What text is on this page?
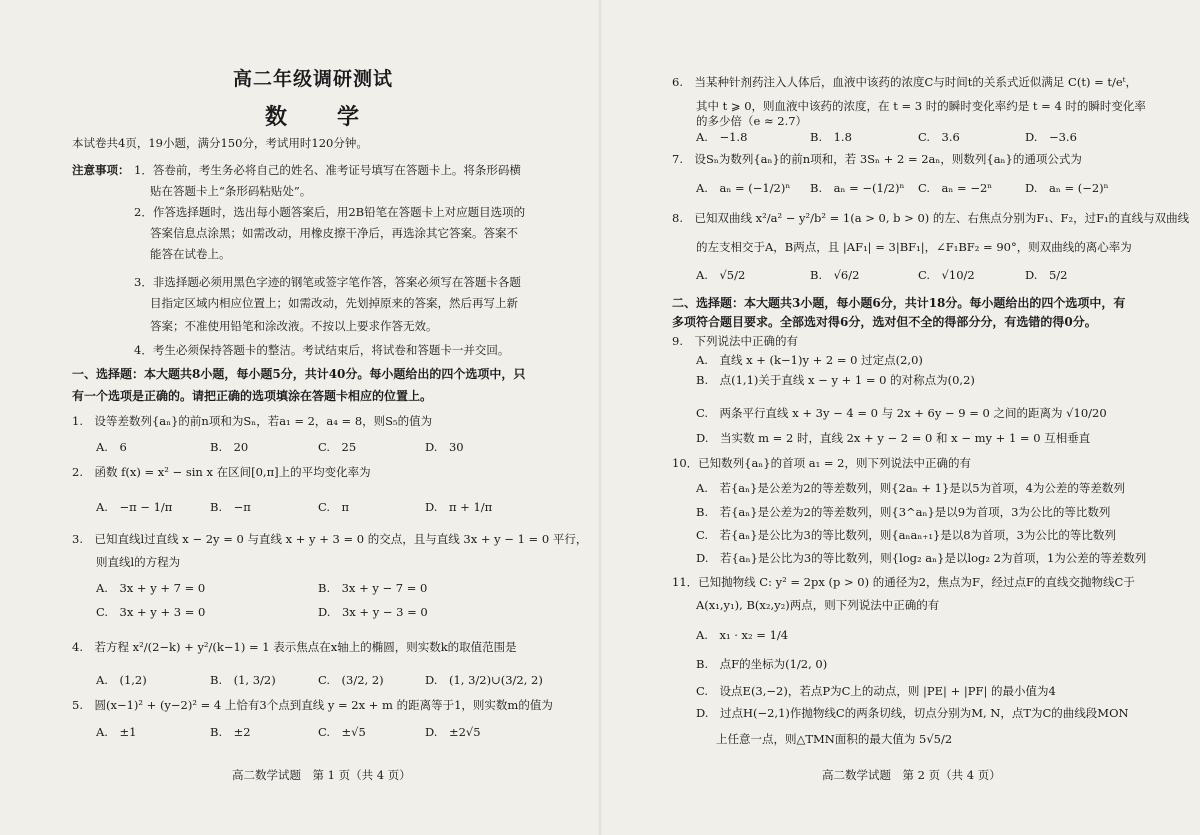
高二年级调研测试
数　学
本试卷共4页，19小题，满分150分，考试用时120分钟。
注意事项： 1．答卷前，考生务必将自己的姓名、准考证号填写在答题卡上。将条形码横
贴在答题卡上“条形码粘贴处”。
2．作答选择题时，选出每小题答案后，用2B铅笔在答题卡上对应题目选项的
答案信息点涂黑；如需改动，用橡皮擦干净后，再选涂其它答案。答案不
能答在试卷上。
3．非选择题必须用黑色字迹的钢笔或签字笔作答，答案必须写在答题卡各题
目指定区域内相应位置上；如需改动，先划掉原来的答案，然后再写上新
答案；不准使用铅笔和涂改液。不按以上要求作答无效。
4．考生必须保持答题卡的整洁。考试结束后，将试卷和答题卡一并交回。
一、选择题：本大题共8小题，每小题5分，共计40分。每小题给出的四个选项中，只
有一个选项是正确的。请把正确的选项填涂在答题卡相应的位置上。
1.　设等差数列{aₙ}的前n项和为Sₙ，若a₁ = 2，a₄ = 8，则S₅的值为
A.　6	B.　20	C.　25	D.　30
2.　函数 f(x) = x² − sin x 在区间[0,π]上的平均变化率为
A.　−π − 1/π	B.　−π	C.　π	D.　π + 1/π
3.　已知直线l过直线 x − 2y = 0 与直线 x + y + 3 = 0 的交点，且与直线 3x + y − 1 = 0 平行，
则直线l的方程为
A.　3x + y + 7 = 0	B.　3x + y − 7 = 0
C.　3x + y + 3 = 0	D.　3x + y − 3 = 0
4.　若方程 x²/(2−k) + y²/(k−1) = 1 表示焦点在x轴上的椭圆，则实数k的取值范围是
A.　(1,2)	B.　(1, 3/2)	C.　(3/2, 2)	D.　(1, 3/2)∪(3/2, 2)
5.　圆(x−1)² + (y−2)² = 4 上恰有3个点到直线 y = 2x + m 的距离等于1，则实数m的值为
A.　±1	B.　±2	C.　±√5	D.　±2√5
高二数学试题　第 1 页（共 4 页）
6.　当某种针剂药注入人体后，血液中该药的浓度C与时间t的关系式近似满足 C(t) = t/eᵗ，
其中 t ⩾ 0，则血液中该药的浓度，在 t = 3 时的瞬时变化率约是 t = 4 时的瞬时变化率
的多少倍（e ≈ 2.7）
A.　−1.8	B.　1.8	C.　3.6	D.　−3.6
7.　设Sₙ为数列{aₙ}的前n项和，若 3Sₙ + 2 = 2aₙ，则数列{aₙ}的通项公式为
A.　aₙ = (−1/2)ⁿ B.　aₙ = −(1/2)ⁿ C.　aₙ = −2ⁿ	D.　aₙ = (−2)ⁿ
8.　已知双曲线 x²/a² − y²/b² = 1(a > 0, b > 0) 的左、右焦点分别为F₁、F₂，过F₁的直线与双曲线
的左支相交于A，B两点，且 |AF₁| = 3|BF₁|，∠F₁BF₂ = 90°，则双曲线的离心率为
A.　√5/2	B.　√6/2	C.　√10/2	D.　5/2
二、选择题：本大题共3小题，每小题6分，共计18分。每小题给出的四个选项中，有
多项符合题目要求。全部选对得6分，选对但不全的得部分分，有选错的得0分。
9.　下列说法中正确的有
A.　直线 x + (k−1)y + 2 = 0 过定点(2,0)
B.　点(1,1)关于直线 x − y + 1 = 0 的对称点为(0,2)
C.　两条平行直线 x + 3y − 4 = 0 与 2x + 6y − 9 = 0 之间的距离为 √10/20
D.　当实数 m = 2 时，直线 2x + y − 2 = 0 和 x − my + 1 = 0 互相垂直
10．已知数列{aₙ}的首项 a₁ = 2，则下列说法中正确的有
A.　若{aₙ}是公差为2的等差数列，则{2aₙ + 1}是以5为首项，4为公差的等差数列
B.　若{aₙ}是公差为2的等差数列，则{3^aₙ}是以9为首项，3为公比的等比数列
C.　若{aₙ}是公比为3的等比数列，则{aₙaₙ₊₁}是以8为首项，3为公比的等比数列
D.　若{aₙ}是公比为3的等比数列，则{log₂ aₙ}是以log₂ 2为首项，1为公差的等差数列
11．已知抛物线 C: y² = 2px (p > 0) 的通径为2，焦点为F，经过点F的直线交抛物线C于
A(x₁,y₁), B(x₂,y₂)两点，则下列说法中正确的有
A.　x₁ · x₂ = 1/4
B.　点F的坐标为(1/2, 0)
C.　设点E(3,−2)，若点P为C上的动点，则 |PE| + |PF| 的最小值为4
D.　过点H(−2,1)作抛物线C的两条切线，切点分别为M, N，点T为C的曲线段MON
上任意一点，则△TMN面积的最大值为 5√5/2
高二数学试题　第 2 页（共 4 页）
